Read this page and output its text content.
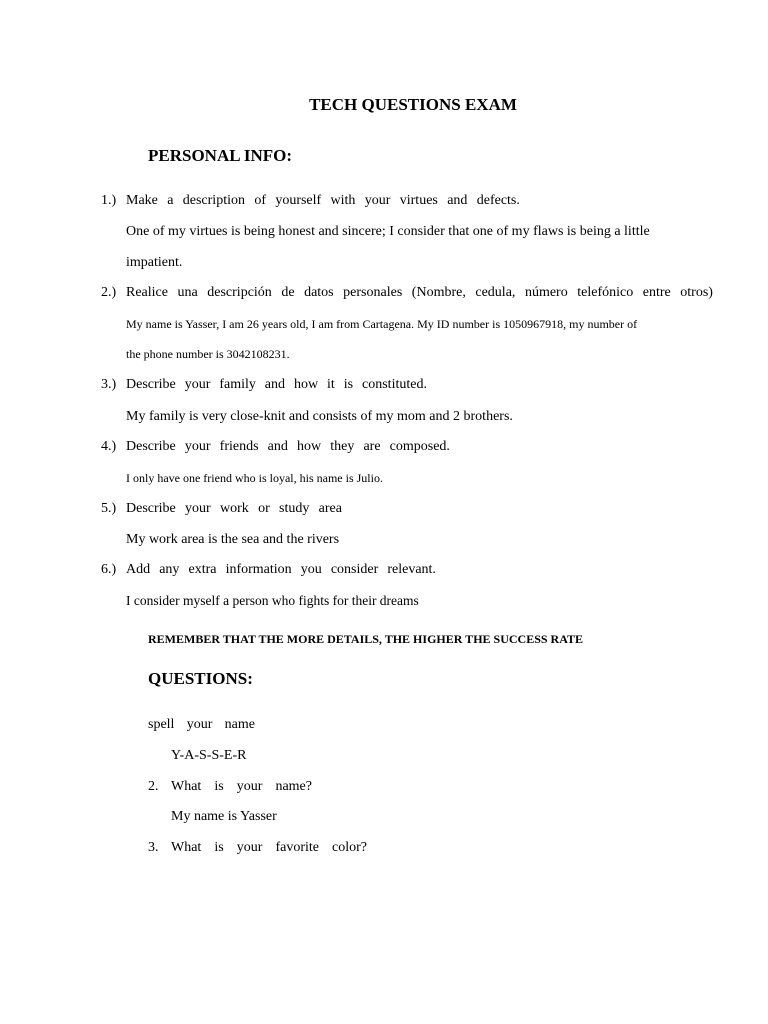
TECH QUESTIONS EXAM
PERSONAL INFO:
1.) Make a description of yourself with your virtues and defects.
One of my virtues is being honest and sincere; I consider that one of my flaws is being a little
impatient.
2.) Realice una descripción de datos personales (Nombre, cedula, número telefónico entre otros)
My name is Yasser, I am 26 years old, I am from Cartagena. My ID number is 1050967918, my number of
the phone number is 3042108231.
3.) Describe your family and how it is constituted.
My family is very close-knit and consists of my mom and 2 brothers.
4.) Describe your friends and how they are composed.
I only have one friend who is loyal, his name is Julio.
5.) Describe your work or study area
My work area is the sea and the rivers
6.) Add any extra information you consider relevant.
I consider myself a person who fights for their dreams
REMEMBER THAT THE MORE DETAILS, THE HIGHER THE SUCCESS RATE
QUESTIONS:
spell your name
Y-A-S-S-E-R
2. What is your name?
My name is Yasser
3. What is your favorite color?
